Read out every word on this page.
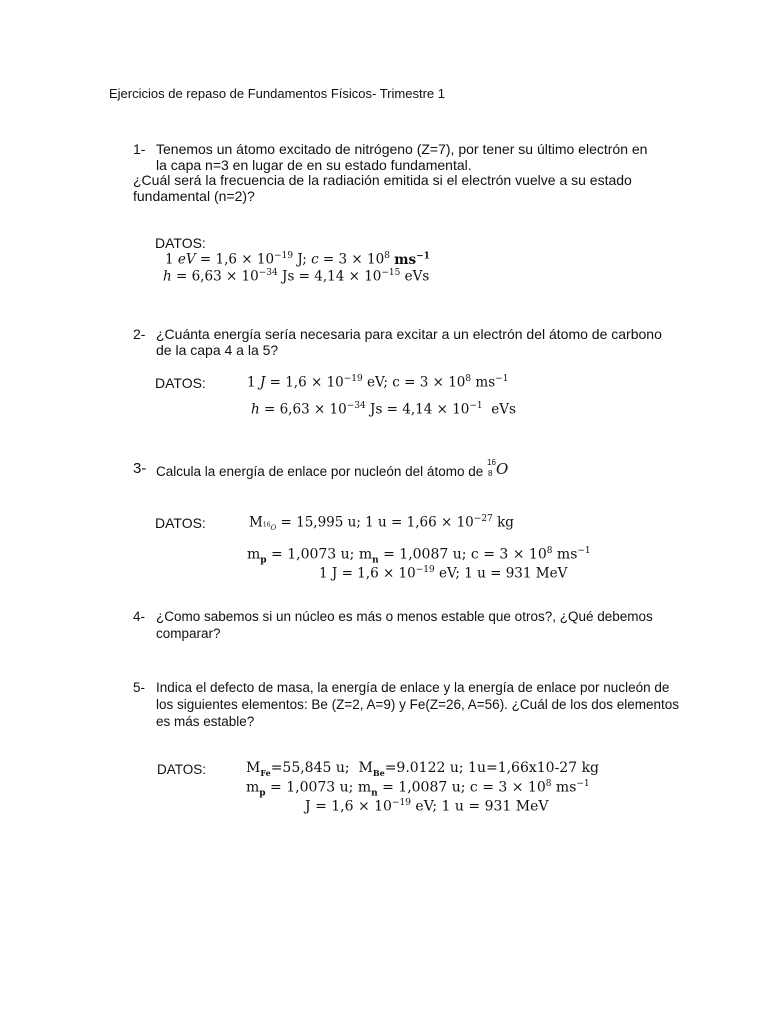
Ejercicios de repaso de Fundamentos Físicos- Trimestre 1
1- Tenemos un átomo excitado de nitrógeno (Z=7), por tener su último electrón en
la capa n=3 en lugar de en su estado fundamental.
¿Cuál será la frecuencia de la radiación emitida si el electrón vuelve a su estado
fundamental (n=2)?
DATOS:
1 eV = $1,6 \times 10^{-19}$ J; $c = 3 \times 10^8$ $ms^{-1}$
$h = 6,63 \times 10^{-34}$ $Js = 4,14 \times 10^{-15}$ eVs
2- ¿Cuánta energía sería necesaria para excitar a un electrón del átomo de carbono
de la capa 4 a la 5?
DATOS:	1 $J = 1,6 \times 10^{-19}$ eV; $c = 3 \times 10^8$ $ms^{-1}$
$h = 6,63 \times 10^{-34}$ $Js = 4,14 \times 10^{-1}$  eVs
3- Calcula la energía de enlace por nucleón del átomo de
16
8 O
DATOS:	$M_{^{16}O} = 15,995$ u; 1 $u = 1,66 \times 10^{-27}$ kg
$m_p = 1,0073$ u; $m_n = 1,0087$ u; $c = 3 \times 10^8$ $ms^{-1}$
1 $J = 1,6 \times 10^{-19}$ eV; 1 u = 931 MeV
4- ¿Como sabemos si un núcleo es más o menos estable que otros?, ¿Qué debemos
comparar?
5- Indica el defecto de masa, la energía de enlace y la energía de enlace por nucleón de
los siguientes elementos: Be (Z=2, A=9) y Fe(Z=26, A=56). ¿Cuál de los dos elementos
es más estable?
DATOS:	$M_{Fe}=55,845$ u;  $M_{Be}=9.0122$ u; 1u=1,66x10-27 kg
$m_p = 1,0073$ u; $m_n = 1,0087$ u; $c = 3 \times 10^8$ $ms^{-1}$
$J = 1,6 \times 10^{-19}$ eV; 1 u = 931 MeV
